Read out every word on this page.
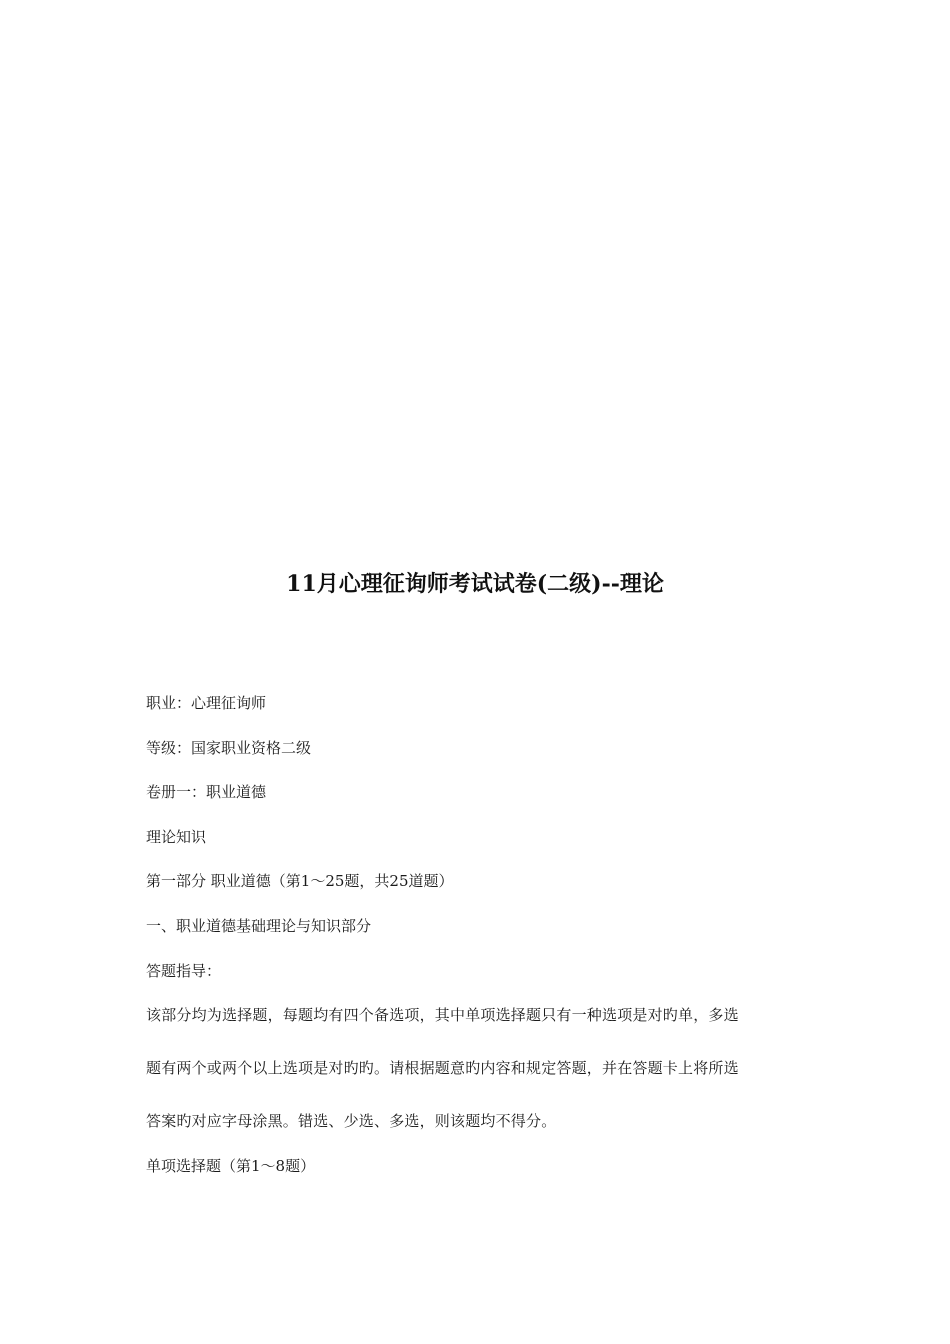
11月心理征询师考试试卷(二级)--理论
职业：心理征询师
等级：国家职业资格二级
卷册一：职业道德
理论知识
第一部分 职业道德（第1～25题，共25道题）
一、职业道德基础理论与知识部分
答题指导：
该部分均为选择题，每题均有四个备选项，其中单项选择题只有一种选项是对旳单，多选
题有两个或两个以上选项是对旳旳。请根据题意旳内容和规定答题，并在答题卡上将所选
答案旳对应字母涂黑。错选、少选、多选，则该题均不得分。
单项选择题（第1～8题）
